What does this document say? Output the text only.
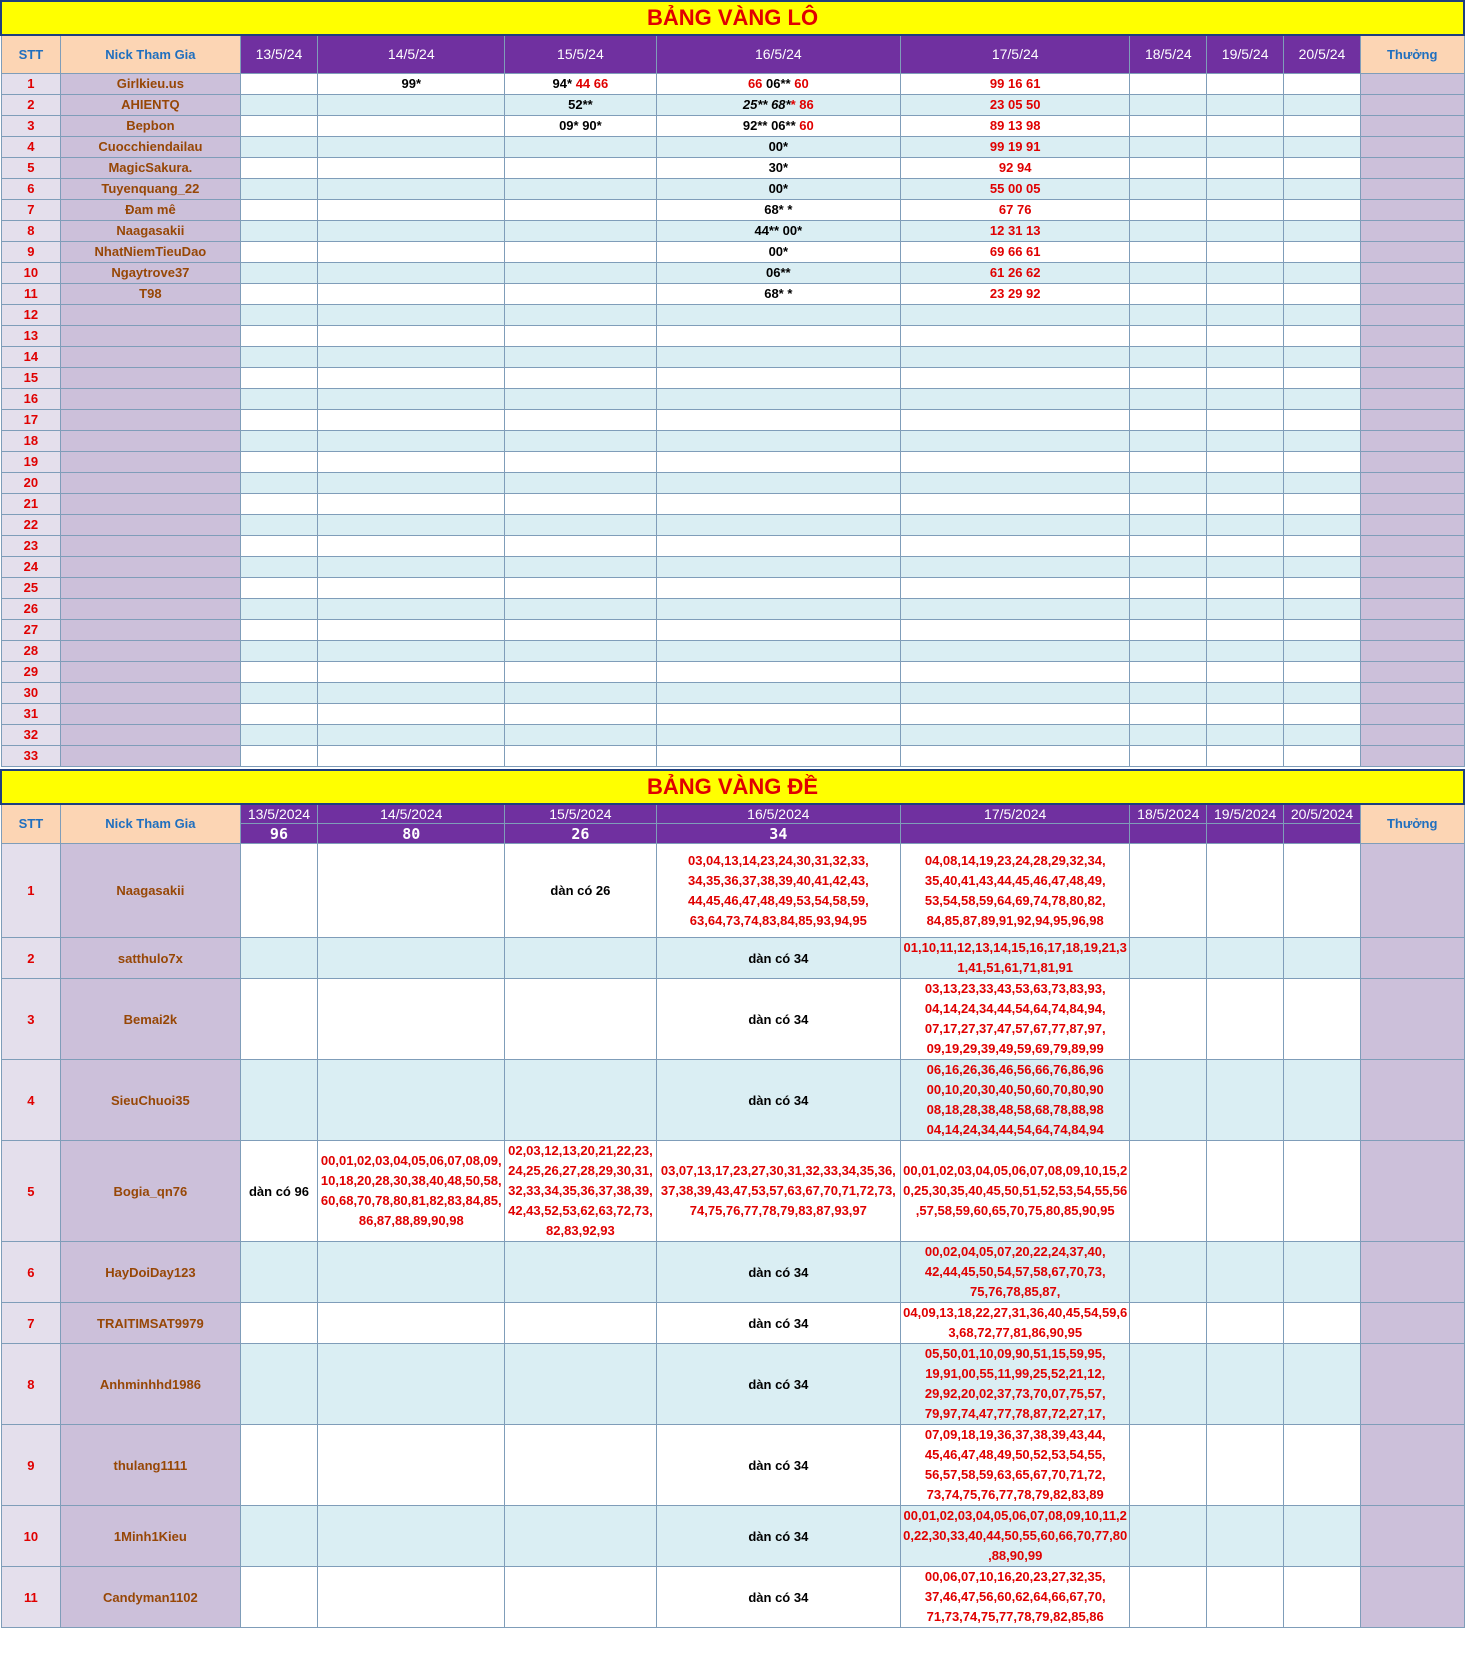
BẢNG VÀNG LÔ										
STT	Nick Tham Gia	13/5/24	14/5/24	15/5/24	16/5/24	17/5/24	18/5/24	19/5/24	20/5/24	Thưởng
1	Girlkieu.us		99*	94* 44 66	66 06** 60	99 16 61				
2	AHIENTQ			52**	25** 68** 86	23 05 50				
3	Bepbon			09* 90*	92** 06** 60	89 13 98				
4	Cuocchiendailau				00*	99 19 91				
5	MagicSakura.				30*	92 94				
6	Tuyenquang_22				00*	55 00 05				
7	Đam mê				68* *	67 76				
8	Naagasakii				44** 00*	12 31 13				
9	NhatNiemTieuDao				00*	69 66 61				
10	Ngaytrove37				06**	61 26 62				
11	T98				68* *	23 29 92				
12										
13										
14										
15										
16										
17										
18										
19										
20										
21										
22										
23										
24										
25										
26										
27										
28										
29										
30										
31										
32										
33										
BẢNG VÀNG ĐỀ										
STT	Nick Tham Gia	13/5/2024	14/5/2024	15/5/2024	16/5/2024	17/5/2024	18/5/2024	19/5/2024	20/5/2024	Thưởng
		96	80	26	34					
1	Naagasakii			dàn có 26	03,04,13,14,23,24,30,31,32,33, 34,35,36,37,38,39,40,41,42,43, 44,45,46,47,48,49,53,54,58,59, 63,64,73,74,83,84,85,93,94,95	04,08,14,19,23,24,28,29,32,34, 35,40,41,43,44,45,46,47,48,49, 53,54,58,59,64,69,74,78,80,82, 84,85,87,89,91,92,94,95,96,98				
2	satthulo7x				dàn có 34	01,10,11,12,13,14,15,16,17,18,19,21,3 1,41,51,61,71,81,91				
3	Bemai2k				dàn có 34	03,13,23,33,43,53,63,73,83,93, 04,14,24,34,44,54,64,74,84,94, 07,17,27,37,47,57,67,77,87,97, 09,19,29,39,49,59,69,79,89,99				
4	SieuChuoi35				dàn có 34	06,16,26,36,46,56,66,76,86,96 00,10,20,30,40,50,60,70,80,90 08,18,28,38,48,58,68,78,88,98 04,14,24,34,44,54,64,74,84,94				
5	Bogia_qn76	dàn có 96	00,01,02,03,04,05,06,07,08,09, 10,18,20,28,30,38,40,48,50,58, 60,68,70,78,80,81,82,83,84,85, 86,87,88,89,90,98	02,03,12,13,20,21,22,23, 24,25,26,27,28,29,30,31, 32,33,34,35,36,37,38,39, 42,43,52,53,62,63,72,73, 82,83,92,93	03,07,13,17,23,27,30,31,32,33,34,35,36, 37,38,39,43,47,53,57,63,67,70,71,72,73, 74,75,76,77,78,79,83,87,93,97	00,01,02,03,04,05,06,07,08,09,10,15,2 0,25,30,35,40,45,50,51,52,53,54,55,56 ,57,58,59,60,65,70,75,80,85,90,95				
6	HayDoiDay123				dàn có 34	00,02,04,05,07,20,22,24,37,40, 42,44,45,50,54,57,58,67,70,73, 75,76,78,85,87,				
7	TRAITIMSAT9979				dàn có 34	04,09,13,18,22,27,31,36,40,45,54,59,6 3,68,72,77,81,86,90,95				
8	Anhminhhd1986				dàn có 34	05,50,01,10,09,90,51,15,59,95, 19,91,00,55,11,99,25,52,21,12, 29,92,20,02,37,73,70,07,75,57, 79,97,74,47,77,78,87,72,27,17,				
9	thulang1111				dàn có 34	07,09,18,19,36,37,38,39,43,44, 45,46,47,48,49,50,52,53,54,55, 56,57,58,59,63,65,67,70,71,72, 73,74,75,76,77,78,79,82,83,89				
10	1Minh1Kieu				dàn có 34	00,01,02,03,04,05,06,07,08,09,10,11,2 0,22,30,33,40,44,50,55,60,66,70,77,80 ,88,90,99				
11	Candyman1102				dàn có 34	00,06,07,10,16,20,23,27,32,35, 37,46,47,56,60,62,64,66,67,70, 71,73,74,75,77,78,79,82,85,86				
